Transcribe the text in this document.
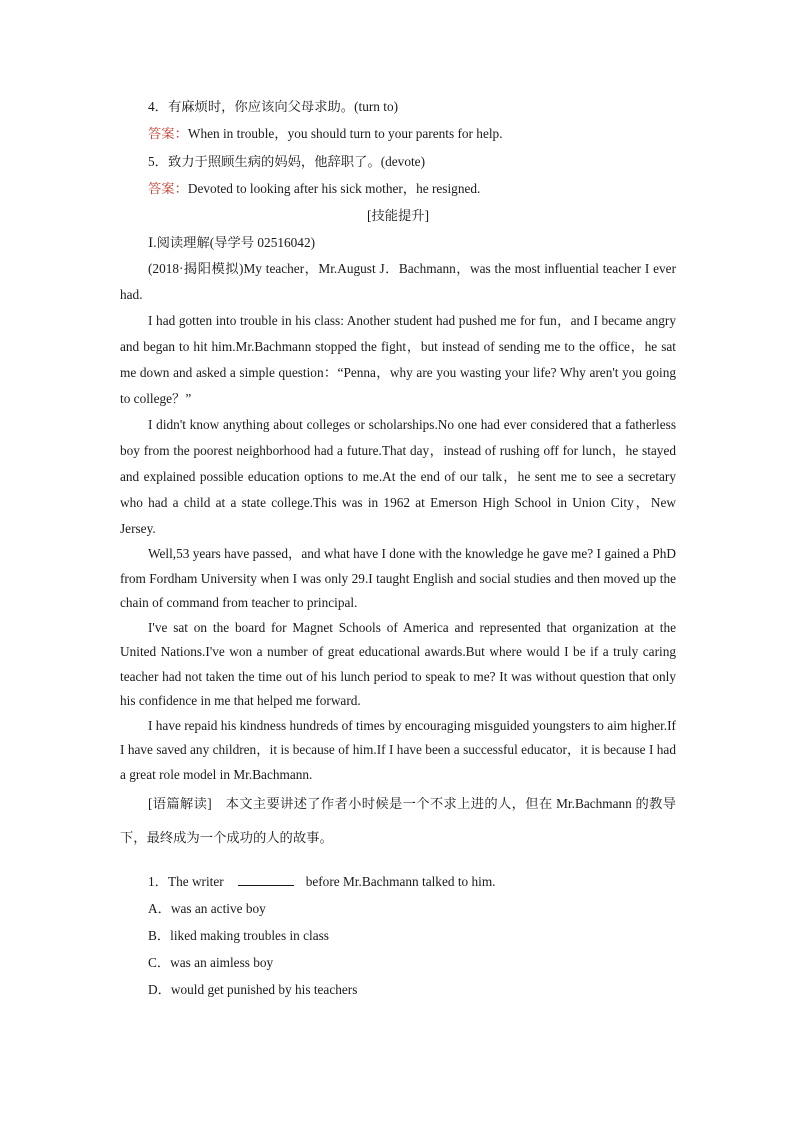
4．有麻烦时，你应该向父母求助。(turn to)
答案：When in trouble，you should turn to your parents for help.
5．致力于照顾生病的妈妈，他辞职了。(devote)
答案：Devoted to looking after his sick mother，he resigned.
[技能提升]
Ⅰ.阅读理解(导学号 02516042)

(2018·揭阳模拟)My teacher，Mr.August J．Bachmann，was the most influential teacher I ever had.

I had gotten into trouble in his class: Another student had pushed me for fun，and I became angry and began to hit him.Mr.Bachmann stopped the fight，but instead of sending me to the office，he sat me down and asked a simple question：“Penna，why are you wasting your life? Why aren't you going to college？”

I didn't know anything about colleges or scholarships.No one had ever considered that a fatherless boy from the poorest neighborhood had a future.That day，instead of rushing off for lunch，he stayed and explained possible education options to me.At the end of our talk，he sent me to see a secretary who had a child at a state college.This was in 1962 at Emerson High School in Union City，New Jersey.

Well,53 years have passed，and what have I done with the knowledge he gave me? I gained a PhD from Fordham University when I was only 29.I taught English and social studies and then moved up the chain of command from teacher to principal.

I've sat on the board for Magnet Schools of America and represented that organization at the United Nations.I've won a number of great educational awards.But where would I be if a truly caring teacher had not taken the time out of his lunch period to speak to me? It was without question that only his confidence in me that helped me forward.

I have repaid his kindness hundreds of times by encouraging misguided youngsters to aim higher.If I have saved any children，it is because of him.If I have been a successful educator，it is because I had a great role model in Mr.Bachmann.

[语篇解读]　本文主要讲述了作者小时候是一个不求上进的人，但在 Mr.Bachmann 的教导下，最终成为一个成功的人的故事。

1．The writer	before Mr.Bachmann talked to him.
A．was an active boy
B．liked making troubles in class
C．was an aimless boy
D．would get punished by his teachers
